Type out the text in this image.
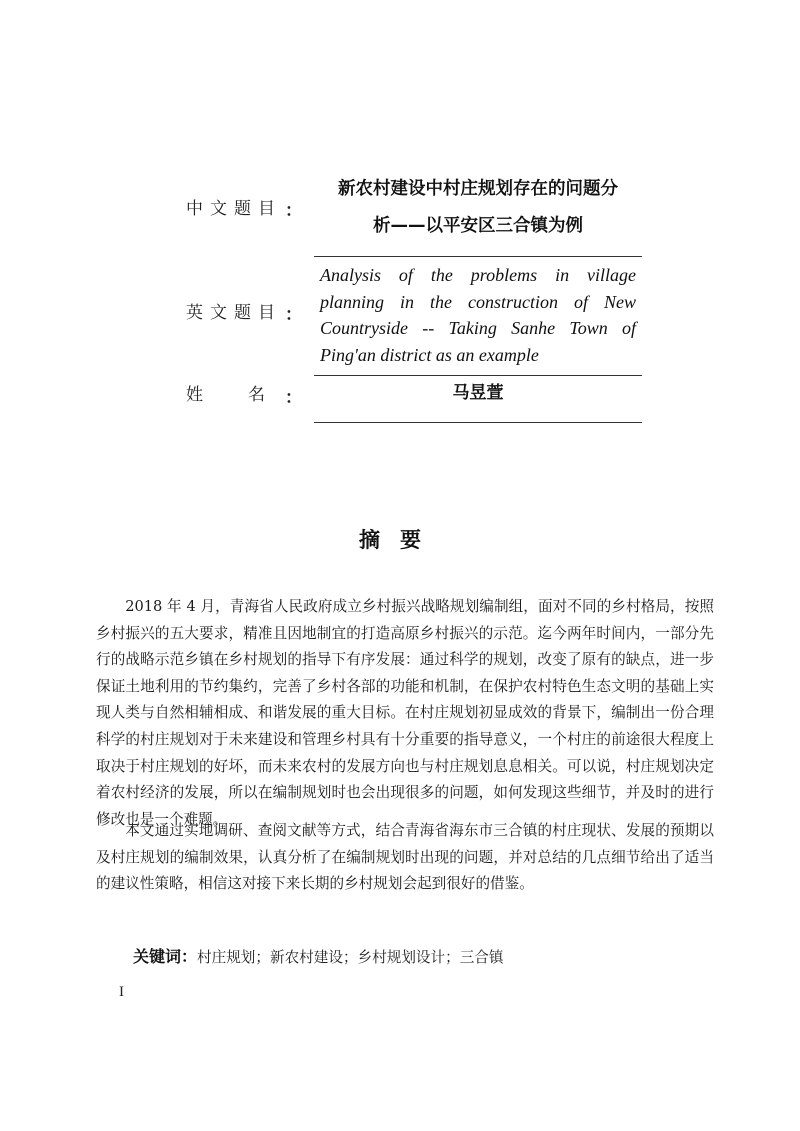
中文题目 ：
新农村建设中村庄规划存在的问题分
析——以平安区三合镇为例
英文题目 ：
Analysis of the problems in village planning in the construction of New Countryside -- Taking Sanhe Town of Ping'an district as an example
姓 名 ：	马昱萱
摘要

2018 年 4 月，青海省人民政府成立乡村振兴战略规划编制组，面对不同的乡村格局，按照乡村振兴的五大要求，精准且因地制宜的打造高原乡村振兴的示范。迄今两年时间内，一部分先行的战略示范乡镇在乡村规划的指导下有序发展：通过科学的规划，改变了原有的缺点，进一步保证土地利用的节约集约，完善了乡村各部的功能和机制，在保护农村特色生态文明的基础上实现人类与自然相辅相成、和谐发展的重大目标。在村庄规划初显成效的背景下，编制出一份合理科学的村庄规划对于未来建设和管理乡村具有十分重要的指导意义，一个村庄的前途很大程度上取决于村庄规划的好坏，而未来农村的发展方向也与村庄规划息息相关。可以说，村庄规划决定着农村经济的发展，所以在编制规划时也会出现很多的问题，如何发现这些细节，并及时的进行修改也是一个难题。

本文通过实地调研、查阅文献等方式，结合青海省海东市三合镇的村庄现状、发展的预期以及村庄规划的编制效果，认真分析了在编制规划时出现的问题，并对总结的几点细节给出了适当的建议性策略，相信这对接下来长期的乡村规划会起到很好的借鉴。

关键词：村庄规划；新农村建设；乡村规划设计；三合镇
I
